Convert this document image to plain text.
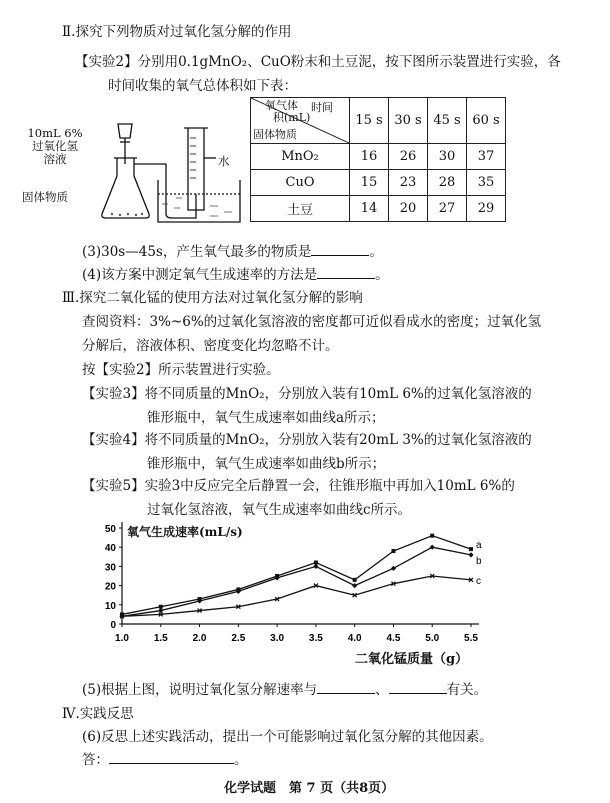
Ⅱ.探究下列物质对过氧化氢分解的作用
【实验2】分别用0.1gMnO₂、CuO粉末和土豆泥，按下图所示装置进行实验，各
时间收集的氧气总体积如下表：
10mL 6%
过氧化氢
溶液
固体物质
水
氧气体 时间
积(mL)
固体物质	15 s	30 s	45 s	60 s
MnO₂	16	26	30	37
CuO	15	23	28	35
土豆	14	20	27	29
(3)30s—45s，产生氧气最多的物质是	。
(4)该方案中测定氧气生成速率的方法是	。
Ⅲ.探究二氧化锰的使用方法对过氧化氢分解的影响
查阅资料：3%~6%的过氧化氢溶液的密度都可近似看成水的密度；过氧化氢
分解后，溶液体积、密度变化均忽略不计。
按【实验2】所示装置进行实验。
【实验3】将不同质量的MnO₂，分别放入装有10mL 6%的过氧化氢溶液的
锥形瓶中，氧气生成速率如曲线a所示；
【实验4】将不同质量的MnO₂，分别放入装有20mL 3%的过氧化氢溶液的
锥形瓶中，氧气生成速率如曲线b所示；
【实验5】实验3中反应完全后静置一会，往锥形瓶中再加入10mL 6%的
过氧化氢溶液，氧气生成速率如曲线c所示。
0
10
20
30
40
50
1.0 1.5 2.0 2.5 3.0 3.5 4.0 4.5 5.0 5.5
a
b
c
氧气生成速率(mL/s)
二氧化锰质量（g）
(5)根据上图，说明过氧化氢分解速率与	、	有关。
Ⅳ.实践反思
(6)反思上述实践活动，提出一个可能影响过氧化氢分解的其他因素。
答：	。
化学试题　第 7 页（共8页）
